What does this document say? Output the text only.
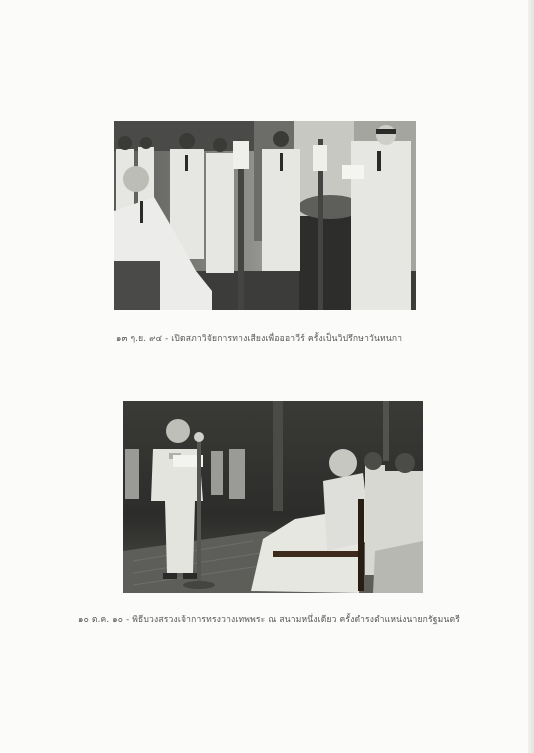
๑๓ ๆ.ย. ๙๔ - เปิดสภาวิจัยการทางเสียงเพื่อออาวีร์ ครั้งเป็นวิปรึกษาวันทนกา
๑๐ ต.ค. ๑๐ - พิธีบวงสรวงเจ้าการทรงวางเทพพระ ณ สนามหนึ่งเดียว ครั้งดำรงตำแหน่งนายกรัฐมนตรี
